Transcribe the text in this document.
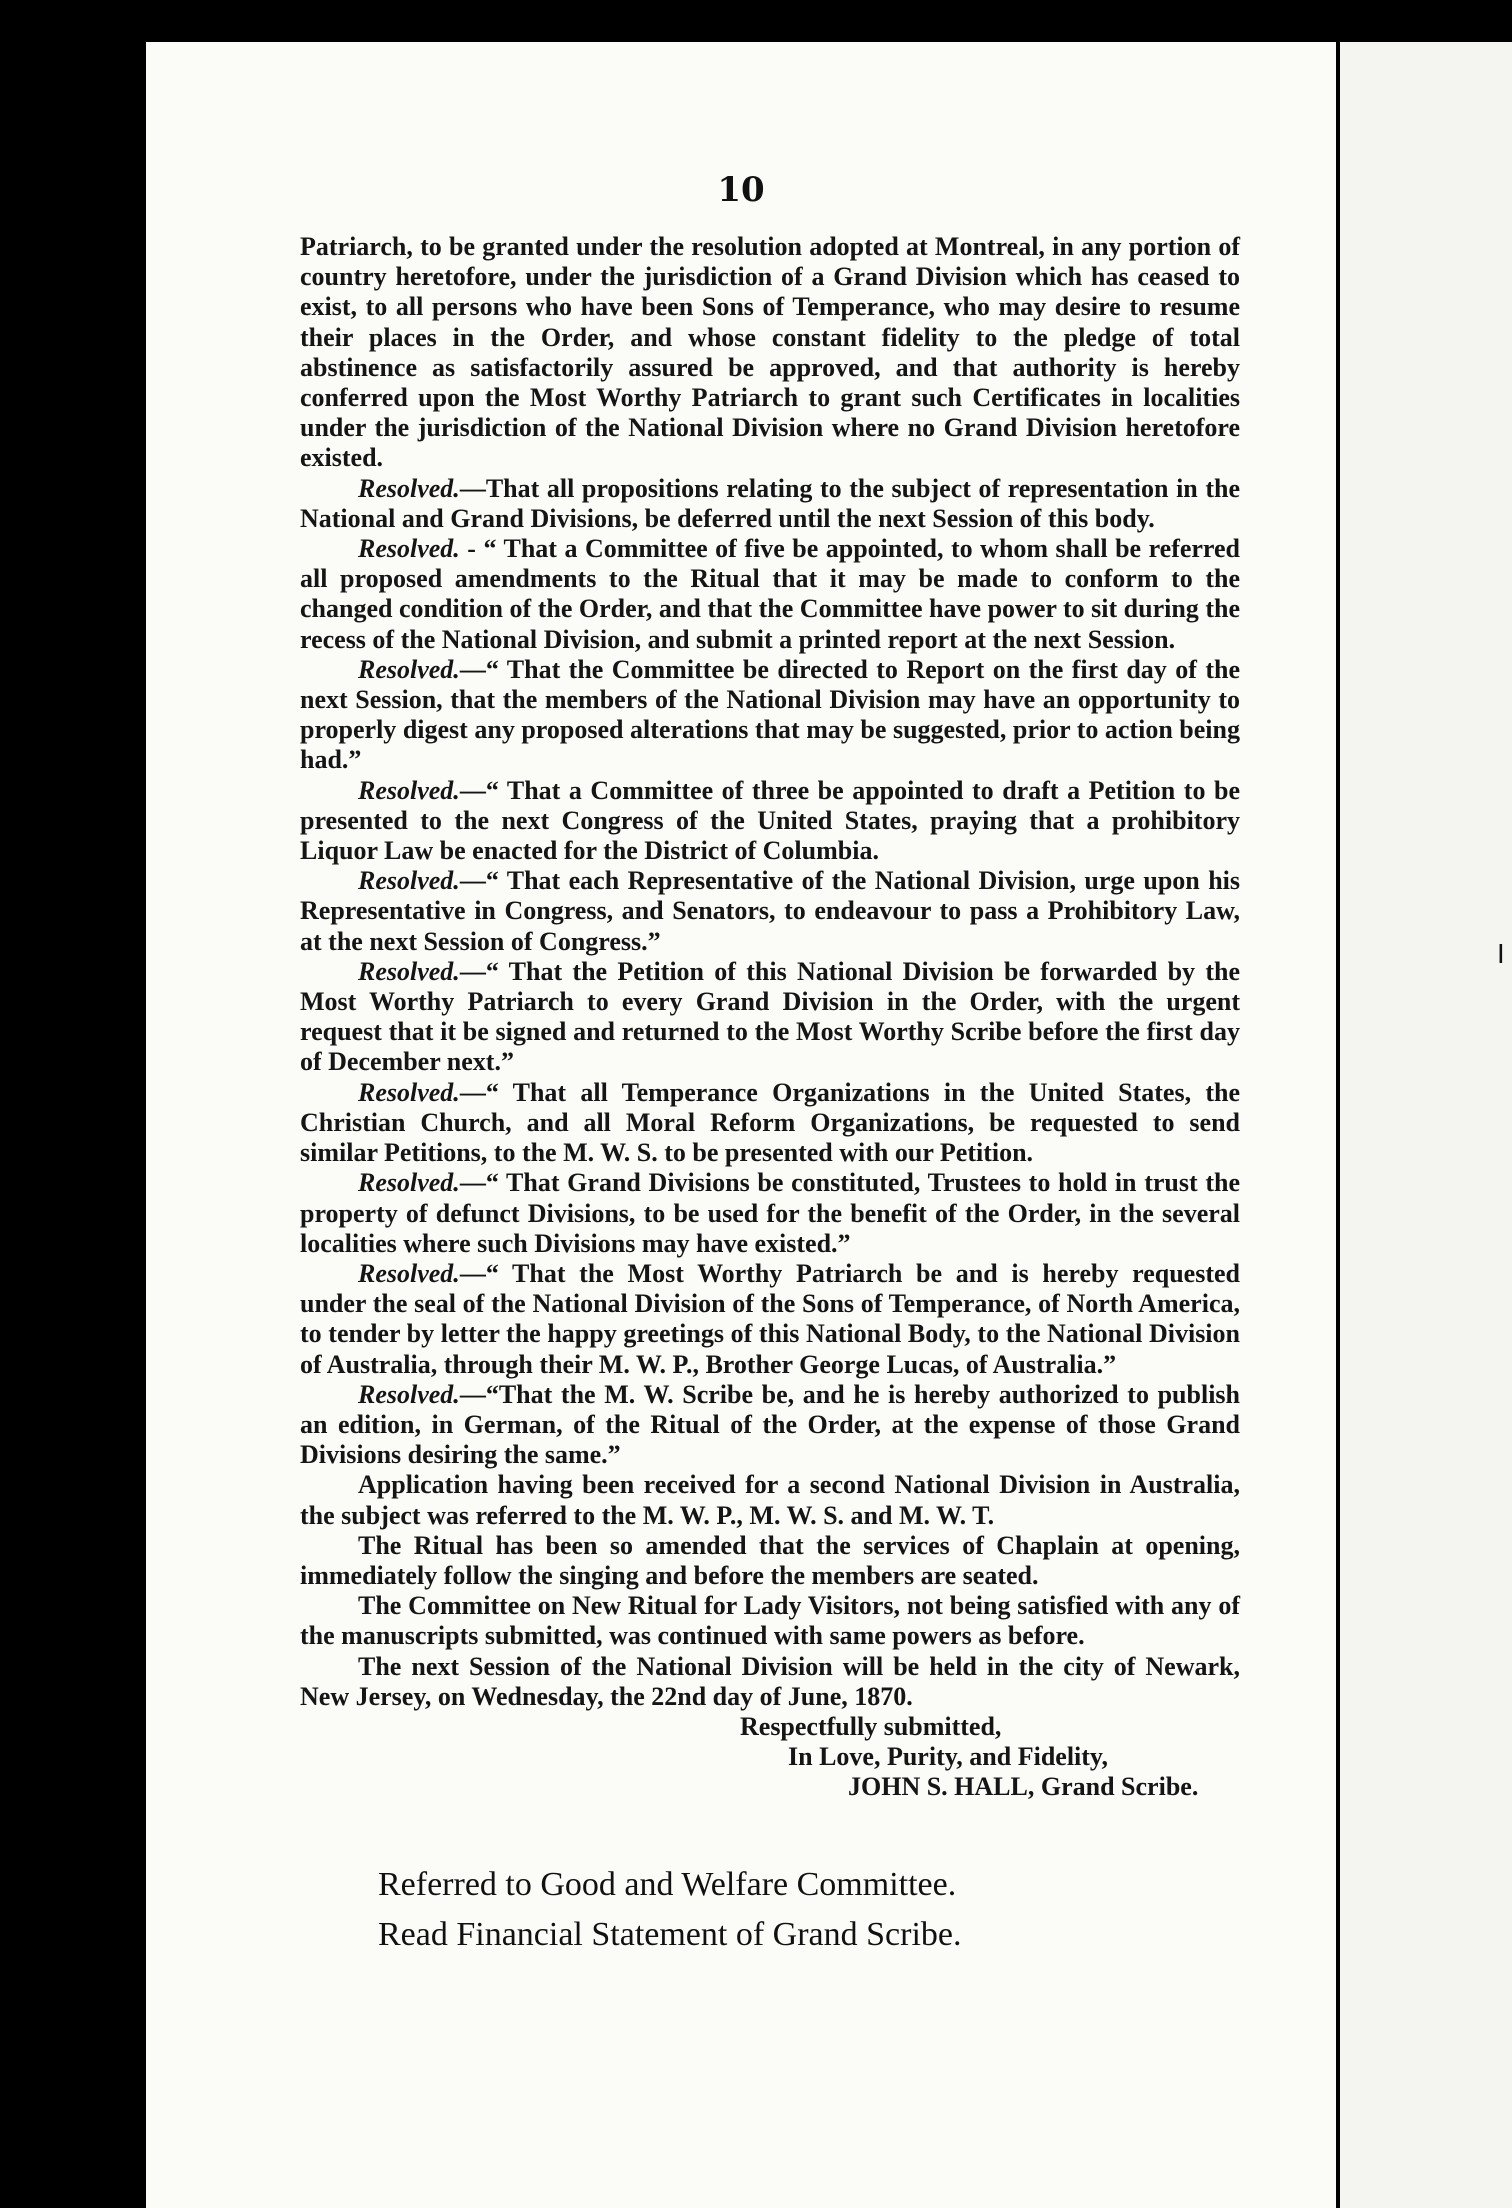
10
I

Patriarch, to be granted under the resolution adopted at Montreal, in any portion of country heretofore, under the jurisdiction of a Grand Division which has ceased to exist, to all persons who have been Sons of Temperance, who may desire to resume their places in the Order, and whose constant fidelity to the pledge of total abstinence as satisfactorily assured be approved, and that authority is hereby conferred upon the Most Worthy Patriarch to grant such Certificates in localities under the jurisdiction of the National Division where no Grand Division heretofore existed.

Resolved.—That all propositions relating to the subject of representation in the National and Grand Divisions, be deferred until the next Session of this body.

Resolved. - “ That a Committee of five be appointed, to whom shall be referred all proposed amendments to the Ritual that it may be made to conform to the changed condition of the Order, and that the Committee have power to sit during the recess of the National Division, and submit a printed report at the next Session.

Resolved.—“ That the Committee be directed to Report on the first day of the next Session, that the members of the National Division may have an opportunity to properly digest any proposed alterations that may be suggested, prior to action being had.”

Resolved.—“ That a Committee of three be appointed to draft a Petition to be presented to the next Congress of the United States, praying that a prohibitory Liquor Law be enacted for the District of Columbia.

Resolved.—“ That each Representative of the National Division, urge upon his Representative in Congress, and Senators, to endeavour to pass a Prohibitory Law, at the next Session of Congress.”

Resolved.—“ That the Petition of this National Division be forwarded by the Most Worthy Patriarch to every Grand Division in the Order, with the urgent request that it be signed and returned to the Most Worthy Scribe before the first day of December next.”

Resolved.—“ That all Temperance Organizations in the United States, the Christian Church, and all Moral Reform Organizations, be requested to send similar Petitions, to the M. W. S. to be presented with our Petition.

Resolved.—“ That Grand Divisions be constituted, Trustees to hold in trust the property of defunct Divisions, to be used for the benefit of the Order, in the several localities where such Divisions may have existed.”

Resolved.—“ That the Most Worthy Patriarch be and is hereby requested under the seal of the National Division of the Sons of Temperance, of North America, to tender by letter the happy greetings of this National Body, to the National Division of Australia, through their M. W. P., Brother George Lucas, of Australia.”

Resolved.—“That the M. W. Scribe be, and he is hereby authorized to publish an edition, in German, of the Ritual of the Order, at the expense of those Grand Divisions desiring the same.”

Application having been received for a second National Division in Australia, the subject was referred to the M. W. P., M. W. S. and M. W. T.

The Ritual has been so amended that the services of Chaplain at opening, immediately follow the singing and before the members are seated.

The Committee on New Ritual for Lady Visitors, not being satisfied with any of the manuscripts submitted, was continued with same powers as before.

The next Session of the National Division will be held in the city of Newark, New Jersey, on Wednesday, the 22nd day of June, 1870.

Respectfully submitted,
In Love, Purity, and Fidelity,
JOHN S. HALL, Grand Scribe.
Referred to Good and Welfare Committee.
Read Financial Statement of Grand Scribe.
